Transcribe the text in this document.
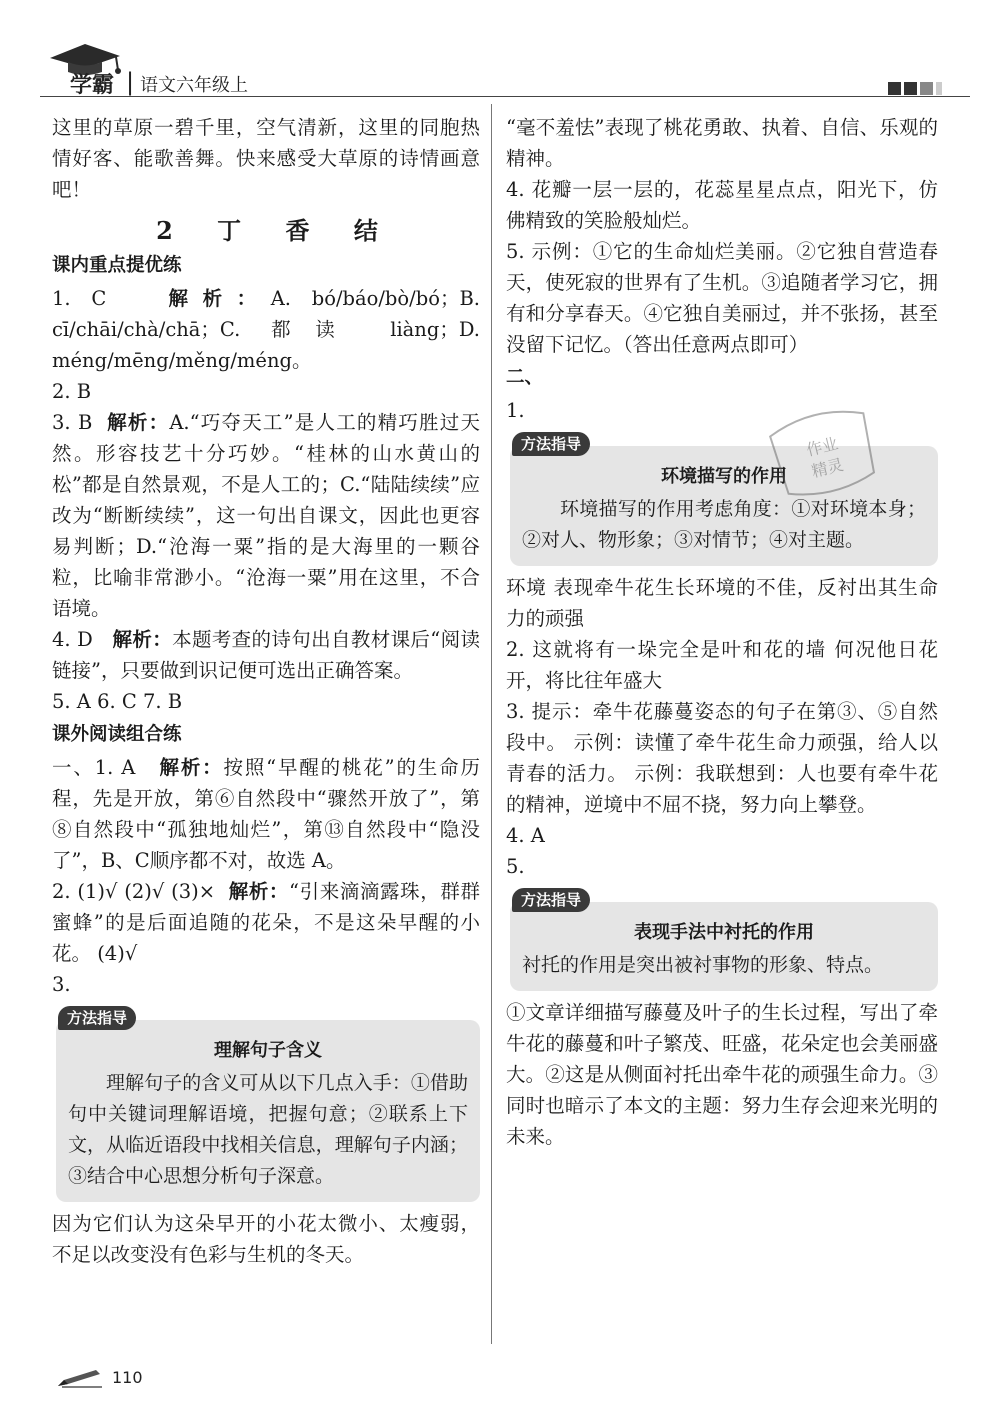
学霸 | 语文六年级上

这里的草原一碧千里，空气清新，这里的同胞热情好客、能歌善舞。快来感受大草原的诗情画意吧！

2 丁 香 结
课内重点提优练

1. C	解析：A. bó/báo/bò/bó；B. cī/chāi/chà/chā；C. 都读 liàng；D. méng/mēng/měng/méng。

2. B

3. B 解析：A.“巧夺天工”是人工的精巧胜过天然。形容技艺十分巧妙。“桂林的山水黄山的松”都是自然景观，不是人工的；C.“陆陆续续”应改为“断断续续”，这一句出自课文，因此也更容易判断；D.“沧海一粟”指的是大海里的一颗谷粒，比喻非常渺小。“沧海一粟”用在这里，不合语境。

4. D 解析：本题考查的诗句出自教材课后“阅读链接”，只要做到识记便可选出正确答案。

5. A 6. C 7. B

课外阅读组合练

一、1. A 解析：按照“早醒的桃花”的生命历程，先是开放，第⑥自然段中“骤然开放了”，第⑧自然段中“孤独地灿烂”，第⑬自然段中“隐没了”，B、C顺序都不对，故选 A。

2. (1)√ (2)√ (3)× 解析：“引来滴滴露珠，群群蜜蜂”的是后面追随的花朵，不是这朵早醒的小花。 (4)√

3.

方法指导
理解句子含义
理解句子的含义可从以下几点入手：①借助句中关键词理解语境，把握句意；②联系上下文，从临近语段中找相关信息，理解句子内涵；③结合中心思想分析句子深意。

因为它们认为这朵早开的小花太微小、太瘦弱，不足以改变没有色彩与生机的冬天。

“毫不羞怯”表现了桃花勇敢、执着、自信、乐观的精神。

4. 花瓣一层一层的，花蕊星星点点，阳光下，仿佛精致的笑脸般灿烂。

5. 示例：①它的生命灿烂美丽。②它独自营造春天，使死寂的世界有了生机。③追随者学习它，拥有和分享春天。④它独自美丽过，并不张扬，甚至没留下记忆。（答出任意两点即可）

二、

1.

方法指导
环境描写的作用
环境描写的作用考虑角度：①对环境本身；②对人、物形象；③对情节；④对主题。

环境 表现牵牛花生长环境的不佳，反衬出其生命力的顽强

2. 这就将有一垛完全是叶和花的墙 何况他日花开，将比往年盛大

3. 提示：牵牛花藤蔓姿态的句子在第③、⑤自然段中。 示例：读懂了牵牛花生命力顽强，给人以青春的活力。 示例：我联想到：人也要有牵牛花的精神，逆境中不屈不挠，努力向上攀登。

4. A

5.

方法指导
表现手法中衬托的作用
衬托的作用是突出被衬事物的形象、特点。

①文章详细描写藤蔓及叶子的生长过程，写出了牵牛花的藤蔓和叶子繁茂、旺盛，花朵定也会美丽盛大。②这是从侧面衬托出牵牛花的顽强生命力。③同时也暗示了本文的主题：努力生存会迎来光明的未来。

作业
精灵
110
